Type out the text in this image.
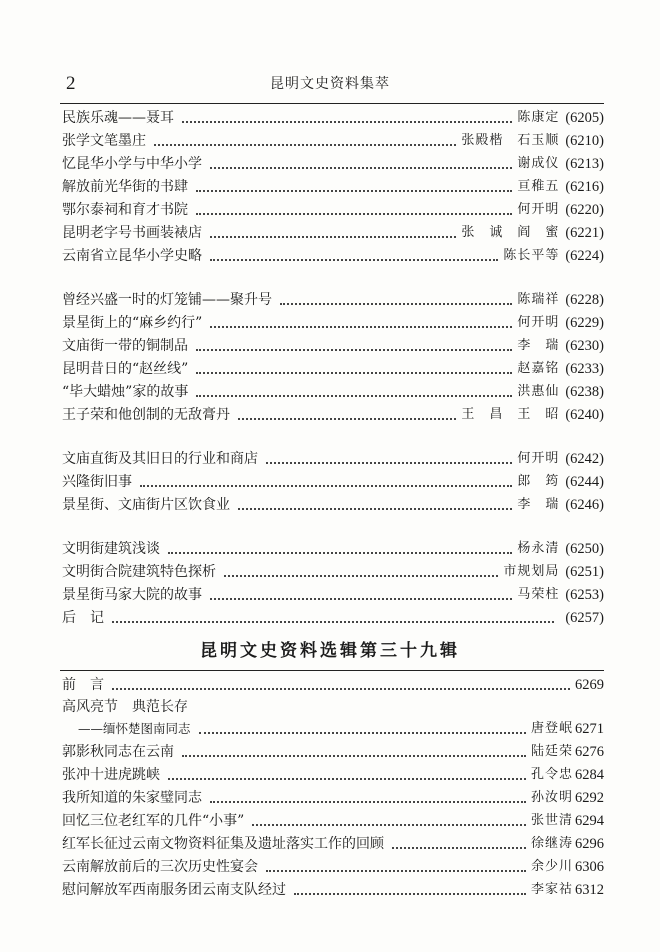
2	昆明文史资料集萃
民族乐魂——聂耳	陈康定 (6205)
张学文笔墨庄	张殿楷　石玉顺 (6210)
忆昆华小学与中华小学	谢成仪 (6213)
解放前光华街的书肆	亘稚五 (6216)
鄂尔泰祠和育才书院	何开明 (6220)
昆明老字号书画装裱店	张　诚　阎　蜜 (6221)
云南省立昆华小学史略	陈长平等 (6224)
曾经兴盛一时的灯笼铺——聚升号	陈瑞祥 (6228)
景星街上的“麻乡约行”	何开明 (6229)
文庙街一带的铜制品	李　瑞 (6230)
昆明昔日的“赵丝线”	赵嘉铭 (6233)
“毕大蜡烛”家的故事	洪惠仙 (6238)
王子荣和他创制的无敌膏丹	王　昌　王　昭 (6240)
文庙直街及其旧日的行业和商店	何开明 (6242)
兴隆街旧事	郎　筠 (6244)
景星街、文庙街片区饮食业	李　瑞 (6246)
文明街建筑浅谈	杨永清 (6250)
文明街合院建筑特色探析	市规划局 (6251)
景星街马家大院的故事	马荣柱 (6253)
后　记	(6257)
昆明文史资料选辑第三十九辑
前　言	6269
高风亮节　典范长存
——缅怀楚图南同志	唐登岷 6271
郭影秋同志在云南	陆廷荣 6276
张冲十进虎跳峡	孔令忠 6284
我所知道的朱家璧同志	孙汝明 6292
回忆三位老红军的几件“小事”	张世清 6294
红军长征过云南文物资料征集及遗址落实工作的回顾	徐继涛 6296
云南解放前后的三次历史性宴会	余少川 6306
慰问解放军西南服务团云南支队经过	李家祜 6312
